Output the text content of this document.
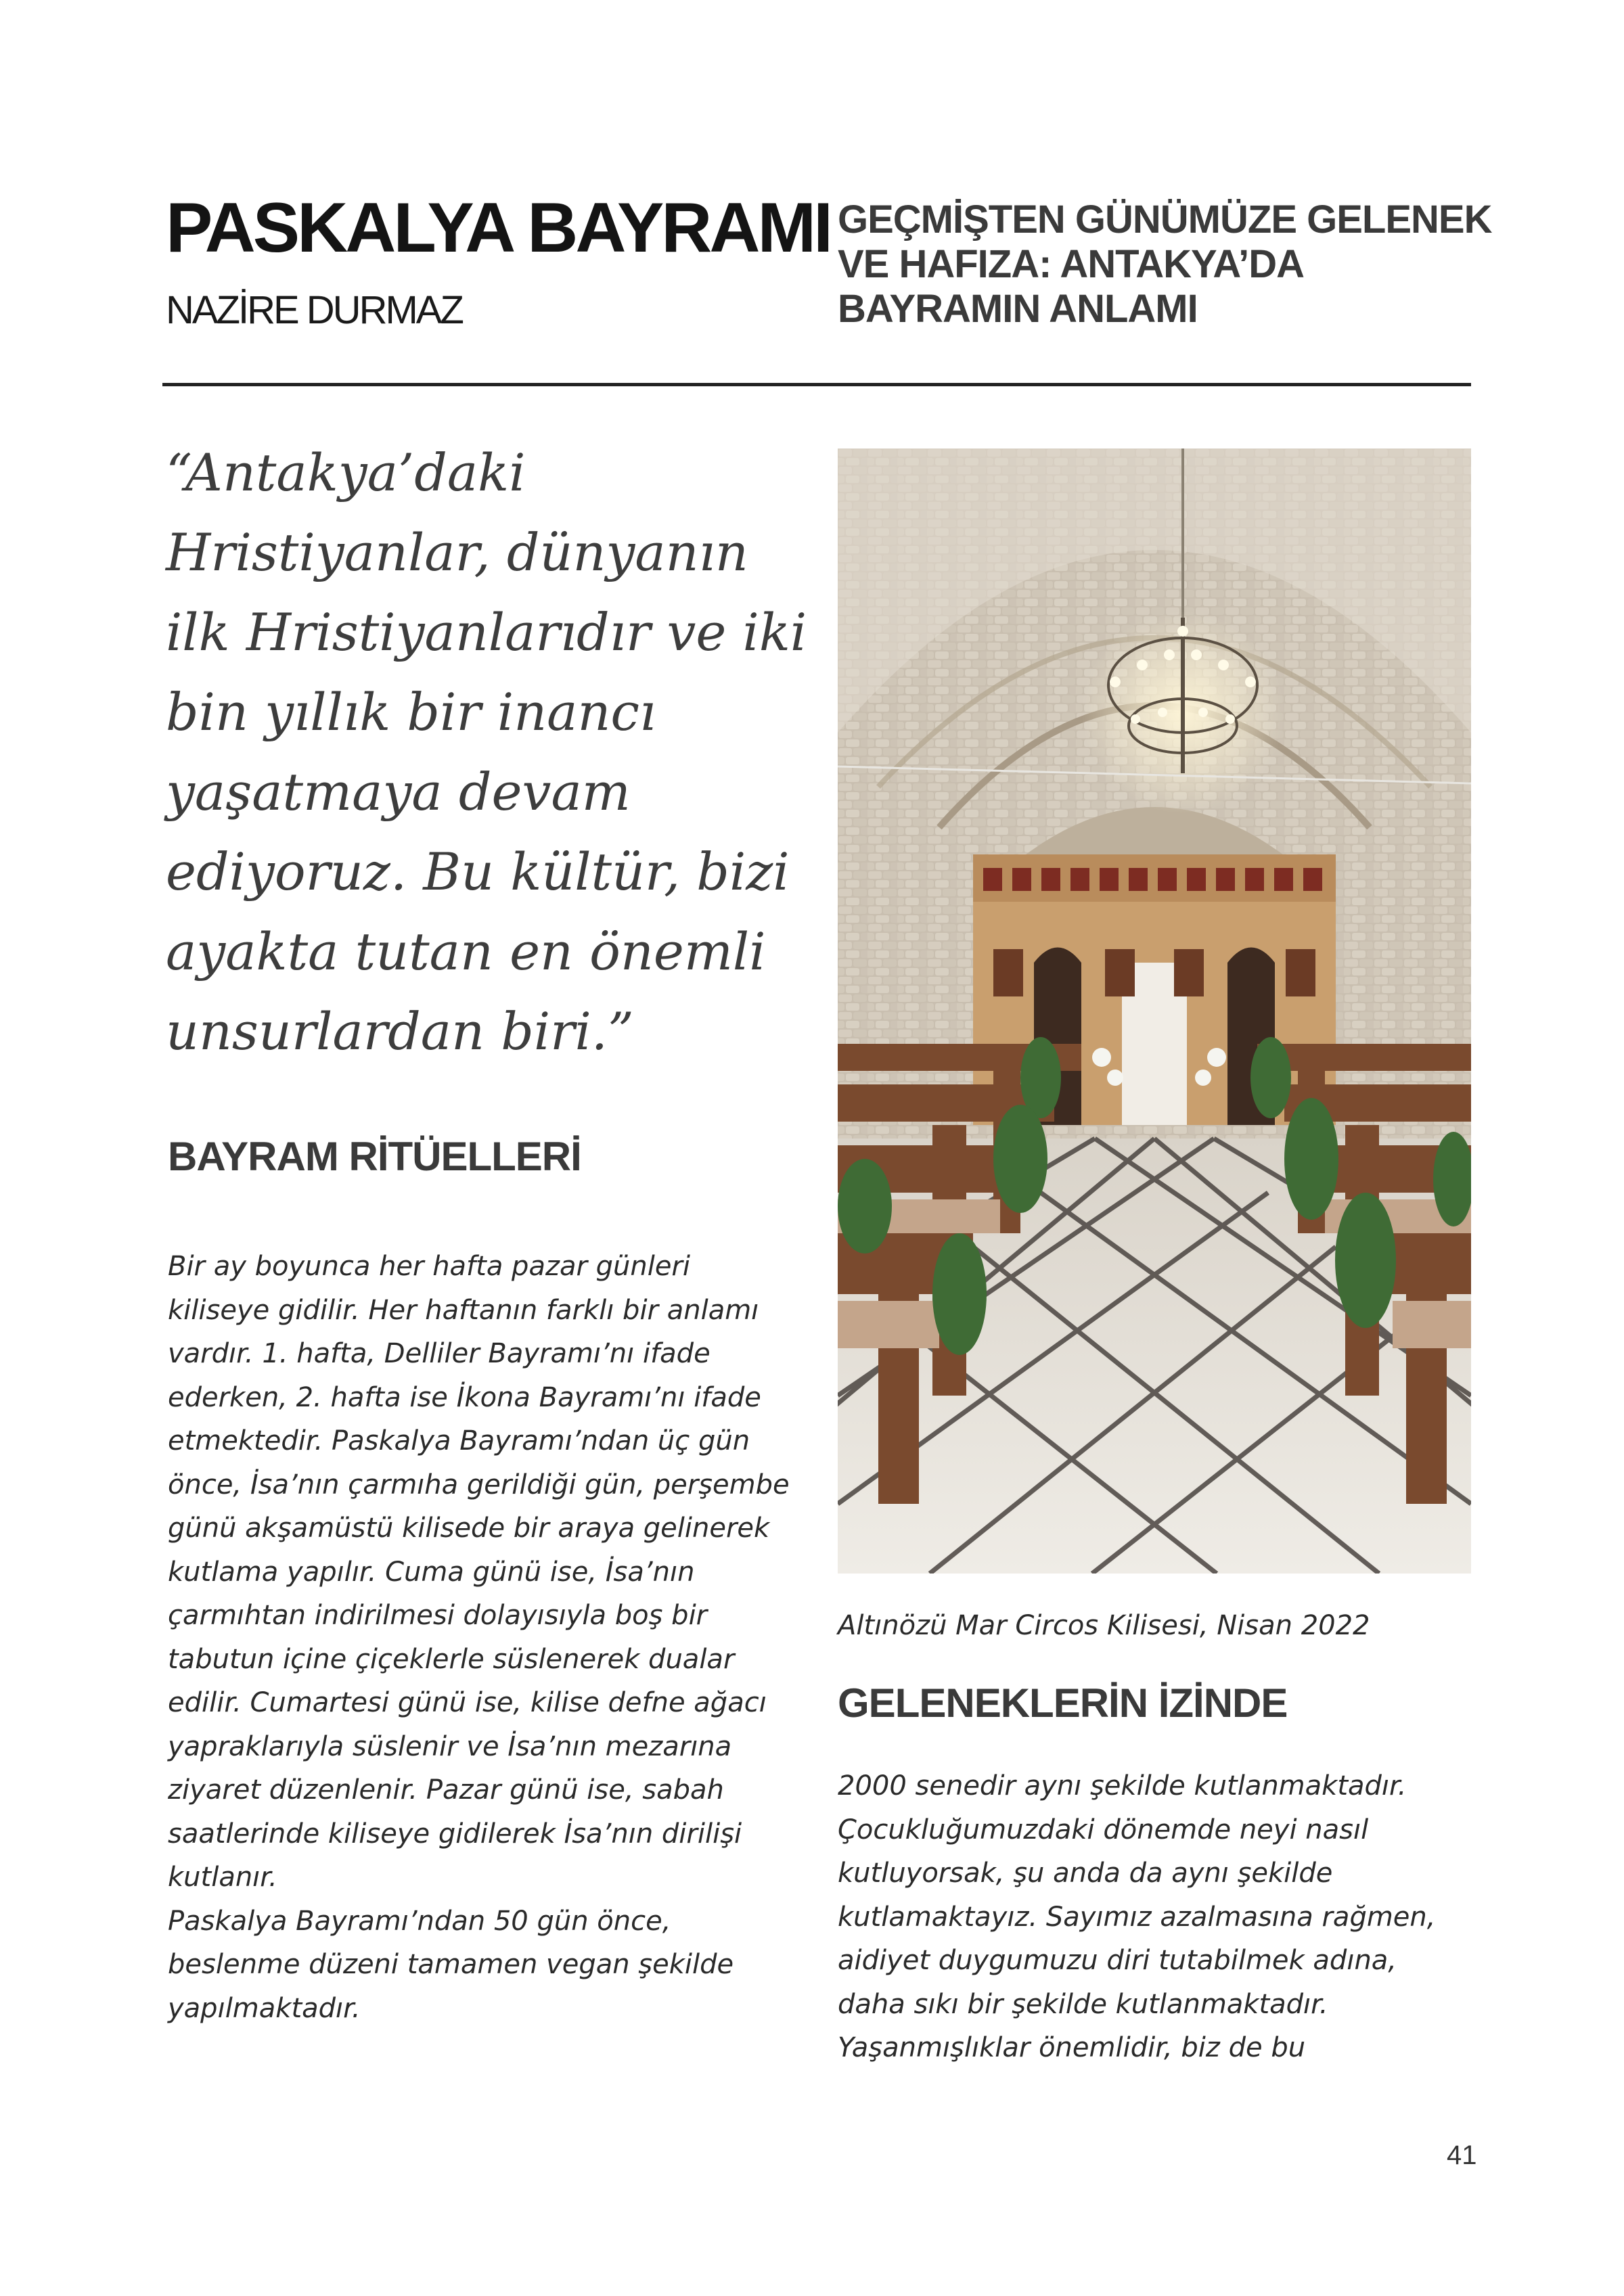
PASKALYA BAYRAMI
NAZİRE DURMAZ
GEÇMİŞTEN GÜNÜMÜZE GELENEK
VE HAFIZA: ANTAKYA’DA
BAYRAMIN ANLAMI
“Antakya’daki
Hristiyanlar, dünyanın
ilk Hristiyanlarıdır ve iki
bin yıllık bir inancı
yaşatmaya devam
ediyoruz. Bu kültür, bizi
ayakta tutan en önemli
unsurlardan biri.”
BAYRAM RİTÜELLERİ
Bir ay boyunca her hafta pazar günleri
kiliseye gidilir. Her haftanın farklı bir anlamı
vardır. 1. hafta, Delliler Bayramı’nı ifade
ederken, 2. hafta ise İkona Bayramı’nı ifade
etmektedir. Paskalya Bayramı’ndan üç gün
önce, İsa’nın çarmıha gerildiği gün, perşembe
günü akşamüstü kilisede bir araya gelinerek
kutlama yapılır. Cuma günü ise, İsa’nın
çarmıhtan indirilmesi dolayısıyla boş bir
tabutun içine çiçeklerle süslenerek dualar
edilir. Cumartesi günü ise, kilise defne ağacı
yapraklarıyla süslenir ve İsa’nın mezarına
ziyaret düzenlenir. Pazar günü ise, sabah
saatlerinde kiliseye gidilerek İsa’nın dirilişi
kutlanır.
Paskalya Bayramı’ndan 50 gün önce,
beslenme düzeni tamamen vegan şekilde
yapılmaktadır.
Altınözü Mar Circos Kilisesi, Nisan 2022
GELENEKLERİN İZİNDE
2000 senedir aynı şekilde kutlanmaktadır.
Çocukluğumuzdaki dönemde neyi nasıl
kutluyorsak, şu anda da aynı şekilde
kutlamaktayız. Sayımız azalmasına rağmen,
aidiyet duygumuzu diri tutabilmek adına,
daha sıkı bir şekilde kutlanmaktadır.
Yaşanmışlıklar önemlidir, biz de bu
41
